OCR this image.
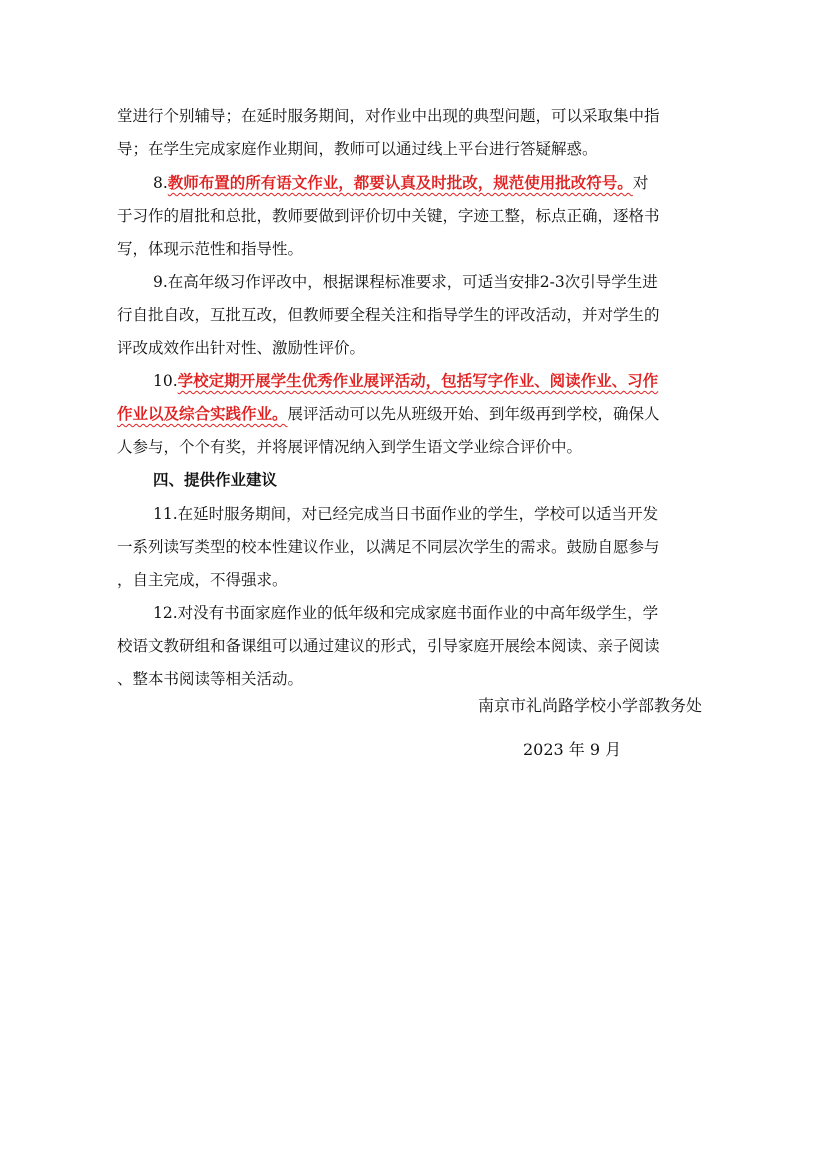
堂进行个别辅导；在延时服务期间，对作业中出现的典型问题，可以采取集中指
导；在学生完成家庭作业期间，教师可以通过线上平台进行答疑解惑。
8.教师布置的所有语文作业，都要认真及时批改，规范使用批改符号。对
于习作的眉批和总批，教师要做到评价切中关键，字迹工整，标点正确，逐格书
写，体现示范性和指导性。
9.在高年级习作评改中，根据课程标准要求，可适当安排2-3次引导学生进
行自批自改，互批互改，但教师要全程关注和指导学生的评改活动，并对学生的
评改成效作出针对性、激励性评价。
10.学校定期开展学生优秀作业展评活动，包括写字作业、阅读作业、习作
作业以及综合实践作业。展评活动可以先从班级开始、到年级再到学校，确保人
人参与，个个有奖，并将展评情况纳入到学生语文学业综合评价中。
四、提供作业建议
11.在延时服务期间，对已经完成当日书面作业的学生，学校可以适当开发
一系列读写类型的校本性建议作业，以满足不同层次学生的需求。鼓励自愿参与
，自主完成，不得强求。
12.对没有书面家庭作业的低年级和完成家庭书面作业的中高年级学生，学
校语文教研组和备课组可以通过建议的形式，引导家庭开展绘本阅读、亲子阅读
、整本书阅读等相关活动。
南京市礼尚路学校小学部教务处
2023 年 9 月
